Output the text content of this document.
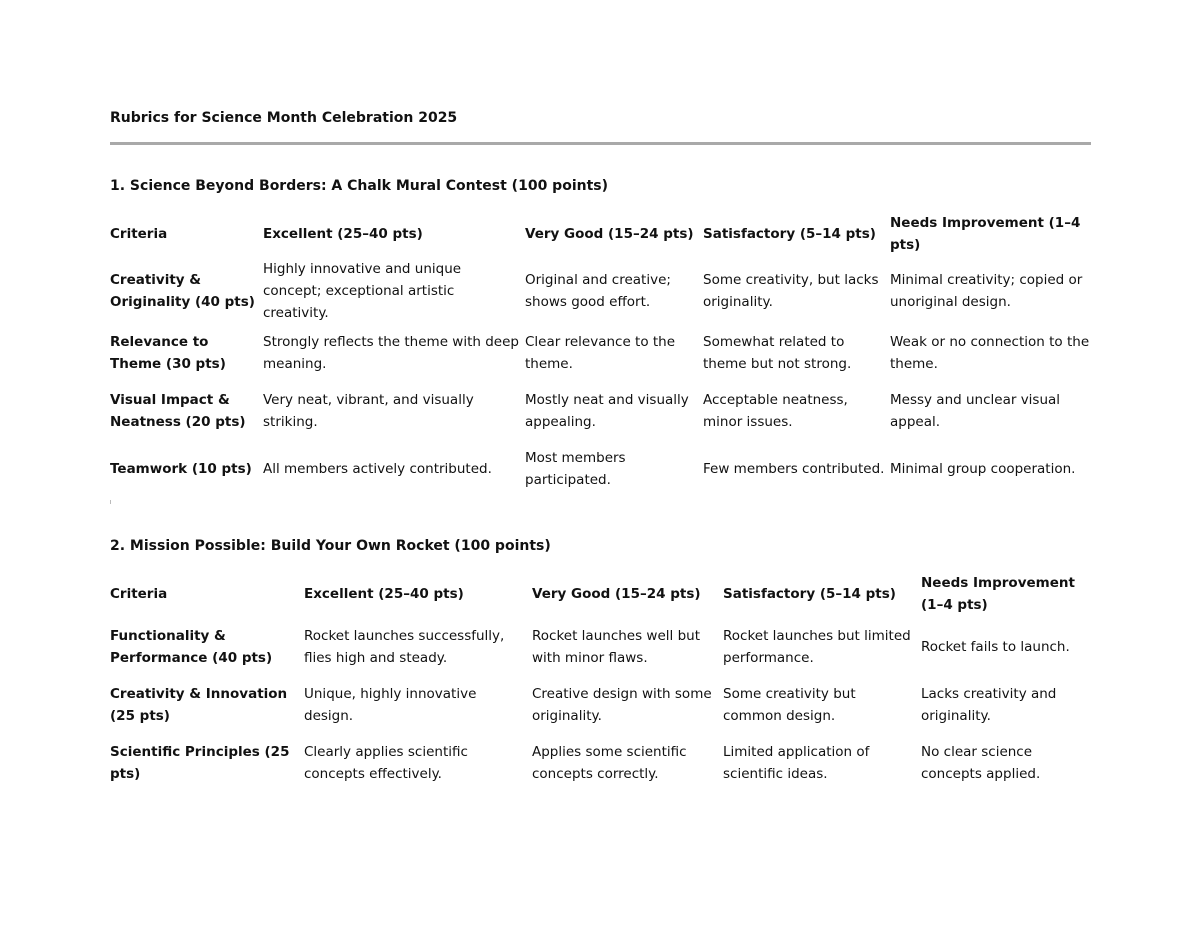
Rubrics for Science Month Celebration 2025
1. Science Beyond Borders: A Chalk Mural Contest (100 points)
Criteria	Excellent (25–40 pts)	Very Good (15–24 pts)	Satisfactory (5–14 pts)	Needs Improvement (1–4 pts)
Creativity & Originality (40 pts)	Highly innovative and unique concept; exceptional artistic creativity.	Original and creative; shows good effort.	Some creativity, but lacks originality.	Minimal creativity; copied or unoriginal design.
Relevance to Theme (30 pts)	Strongly reflects the theme with deep meaning.	Clear relevance to the theme.	Somewhat related to theme but not strong.	Weak or no connection to the theme.
Visual Impact & Neatness (20 pts)	Very neat, vibrant, and visually striking.	Mostly neat and visually appealing.	Acceptable neatness, minor issues.	Messy and unclear visual appeal.
Teamwork (10 pts)	All members actively contributed.	Most members participated.	Few members contributed.	Minimal group cooperation.
2. Mission Possible: Build Your Own Rocket (100 points)
Criteria	Excellent (25–40 pts)	Very Good (15–24 pts)	Satisfactory (5–14 pts)	Needs Improvement (1–4 pts)
Functionality & Performance (40 pts)	Rocket launches successfully, flies high and steady.	Rocket launches well but with minor flaws.	Rocket launches but limited performance.	Rocket fails to launch.
Creativity & Innovation (25 pts)	Unique, highly innovative design.	Creative design with some originality.	Some creativity but common design.	Lacks creativity and originality.
Scientific Principles (25 pts)	Clearly applies scientific concepts effectively.	Applies some scientific concepts correctly.	Limited application of scientific ideas.	No clear science concepts applied.
